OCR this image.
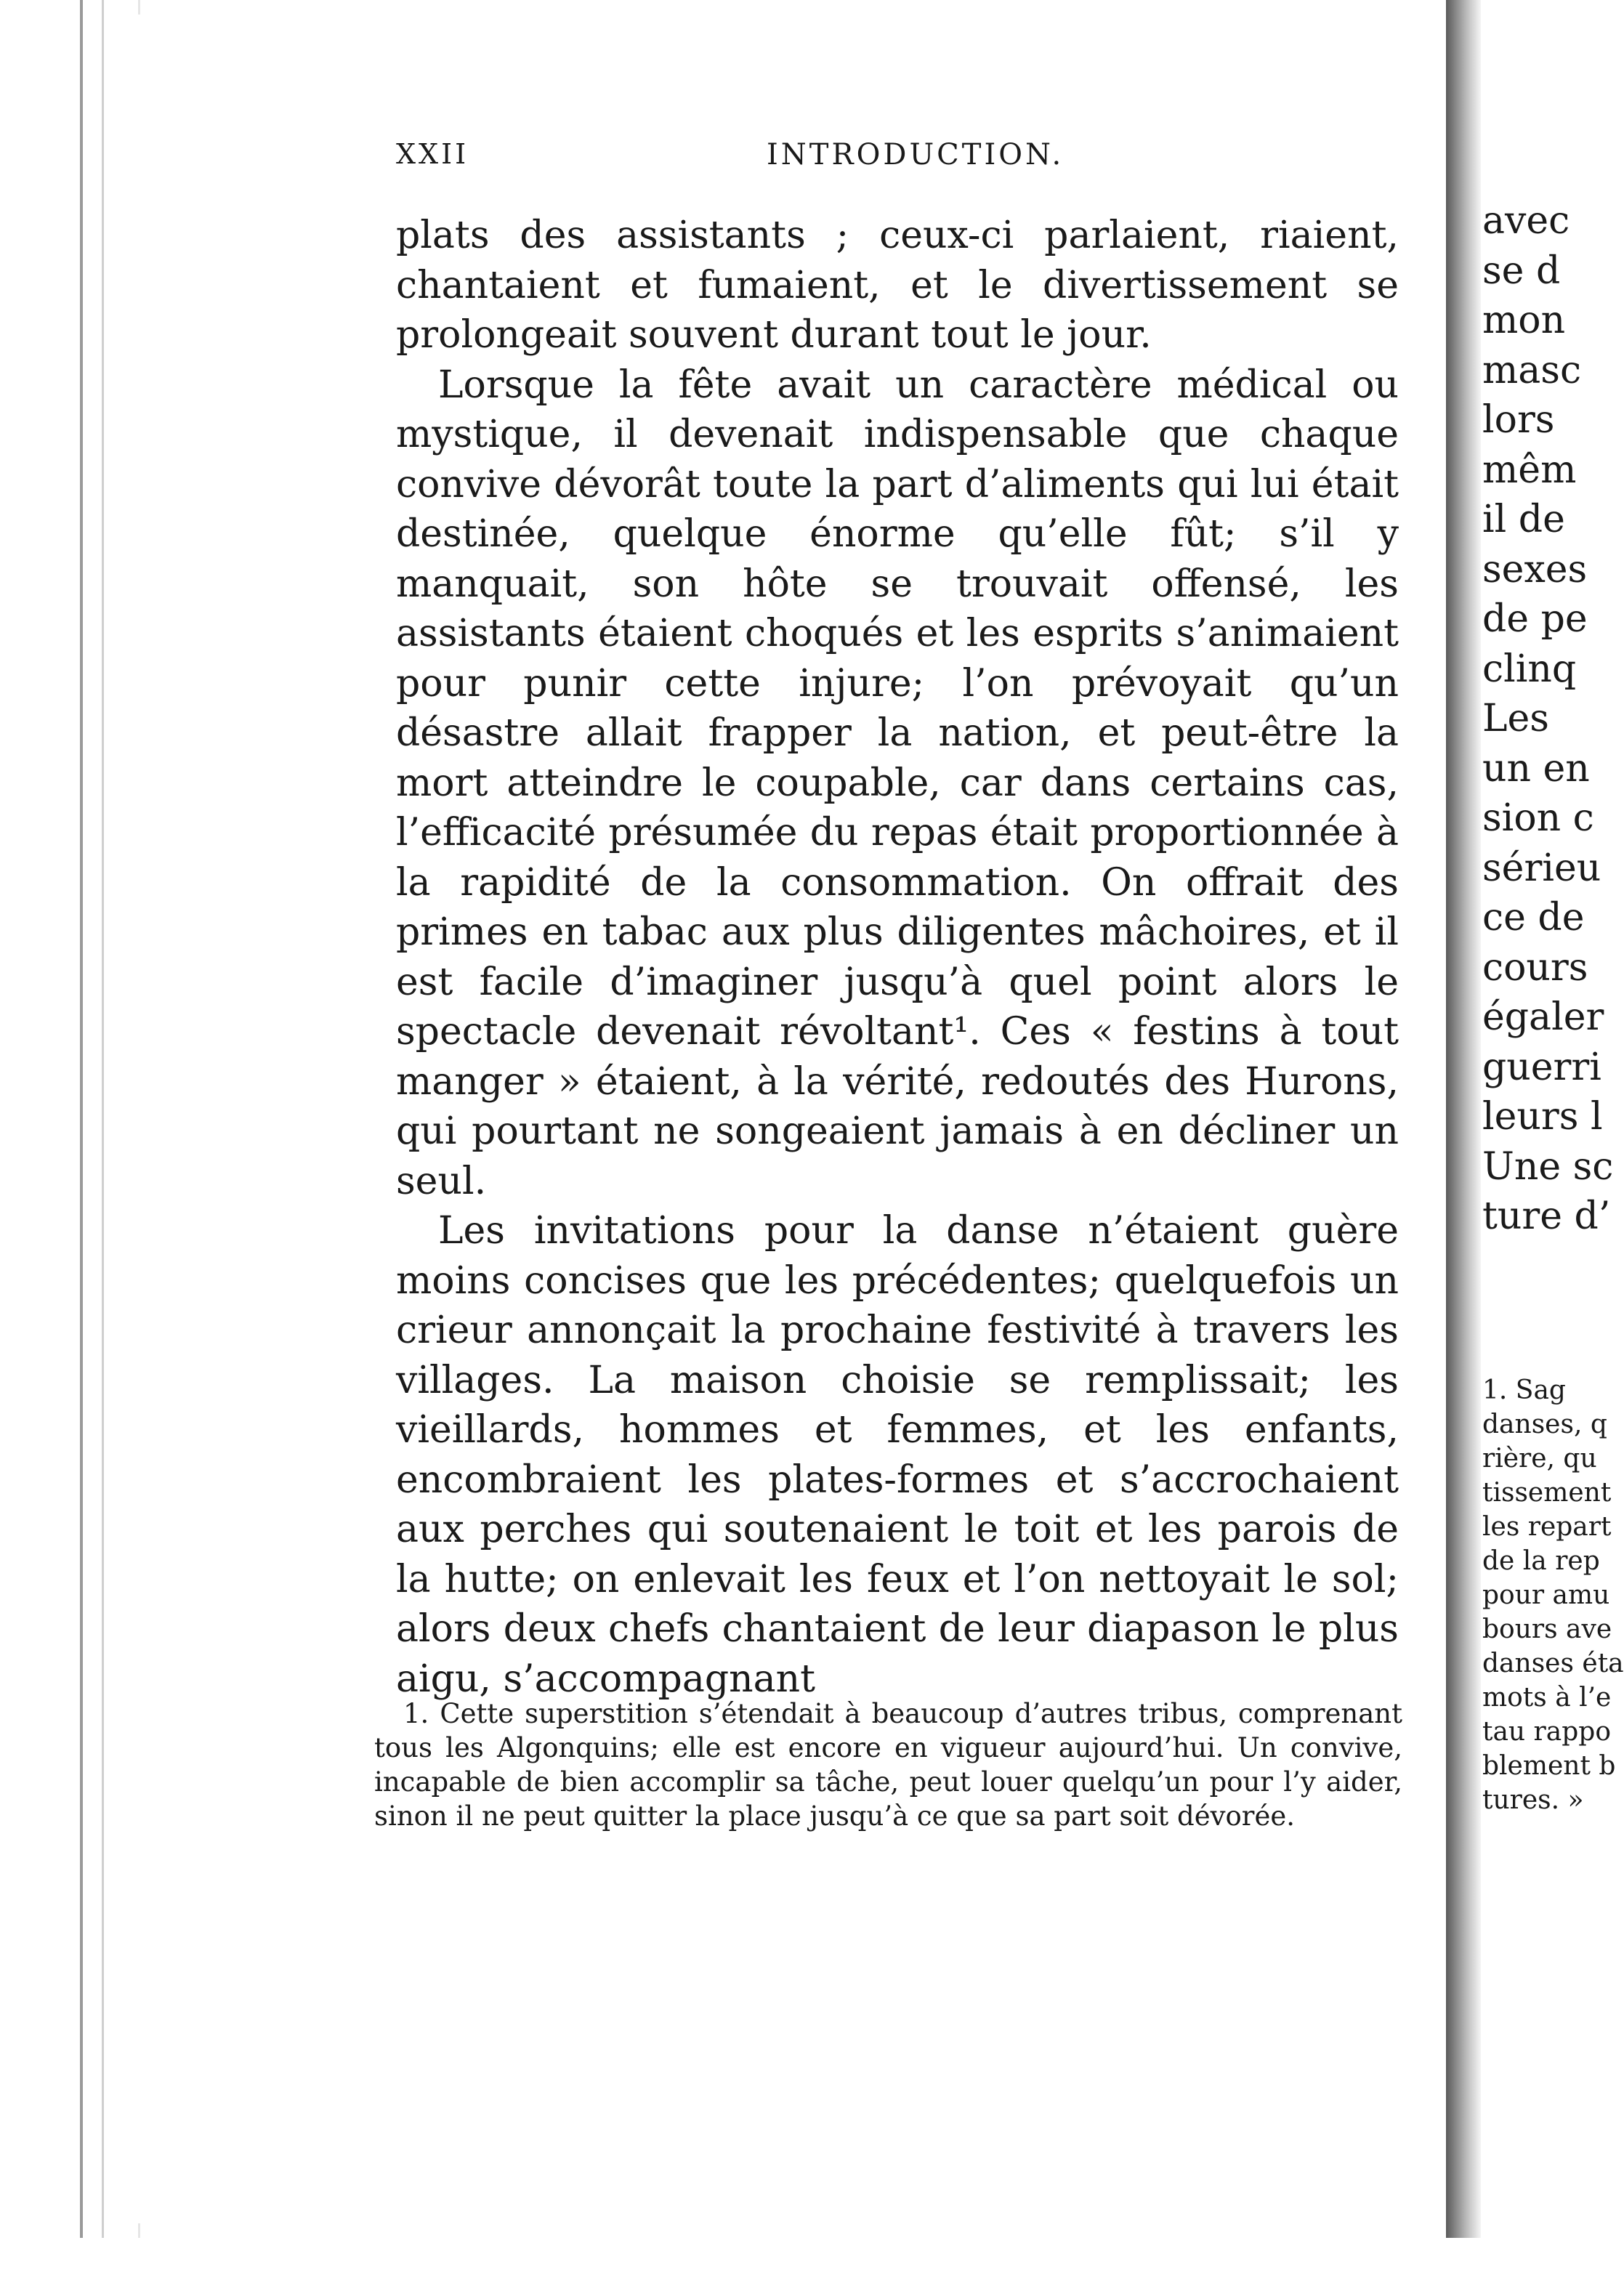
XXII	INTRODUCTION.

plats des assistants ; ceux-ci parlaient, riaient, chantaient et fumaient, et le divertissement se prolongeait souvent durant tout le jour.

Lorsque la fête avait un caractère médical ou mystique, il devenait indispensable que chaque convive dévorât toute la part d’aliments qui lui était destinée, quelque énorme qu’elle fût; s’il y manquait, son hôte se trouvait offensé, les assistants étaient choqués et les esprits s’animaient pour punir cette injure; l’on prévoyait qu’un désastre allait frapper la nation, et peut-être la mort atteindre le coupable, car dans certains cas, l’efficacité présumée du repas était proportionnée à la rapidité de la consommation. On offrait des primes en tabac aux plus diligentes mâchoires, et il est facile d’imaginer jusqu’à quel point alors le spectacle devenait révoltant¹. Ces « festins à tout manger » étaient, à la vérité, redoutés des Hurons, qui pourtant ne songeaient jamais à en décliner un seul.

Les invitations pour la danse n’étaient guère moins concises que les précédentes; quelquefois un crieur annonçait la prochaine festivité à travers les villages. La maison choisie se remplissait; les vieillards, hommes et femmes, et les enfants, encombraient les plates-formes et s’accrochaient aux perches qui soutenaient le toit et les parois de la hutte; on enlevait les feux et l’on nettoyait le sol; alors deux chefs chantaient de leur diapason le plus aigu, s’accompagnant

1. Cette superstition s’étendait à beaucoup d’autres tribus, comprenant tous les Algonquins; elle est encore en vigueur aujourd’hui. Un convive, incapable de bien accomplir sa tâche, peut louer quelqu’un pour l’y aider, sinon il ne peut quitter la place jusqu’à ce que sa part soit dévorée.

avec
se d
mon
masc
lors
mêm
il de
sexes
de pe
clinq
Les
un en
sion c
sérieu
ce de
cours
égaler
guerri
leurs l
Une sc
ture d’
1. Sag
danses, q
rière, qu
tissement
les repart
de la rep
pour amu
bours ave
danses éta
mots à l’e
tau rappo
blement b
tures. »
